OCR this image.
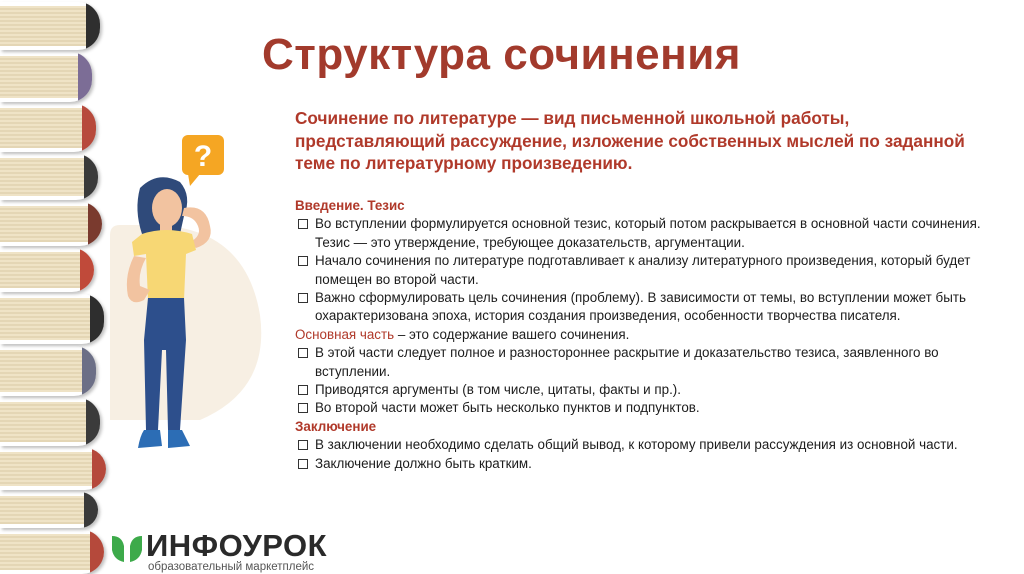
Структура сочинения

Сочинение по литературе — вид письменной школьной работы, представляющий рассуждение, изложение собственных мыслей по заданной теме по литературному произведению.

?
Введение. Тезис
Во вступлении формулируется основной тезис, который потом раскрывается в основной части сочинения. Тезис — это утверждение, требующее доказательств, аргументации.
Начало сочинения по литературе подготавливает к анализу литературного произведения, который будет помещен во второй части.
Важно сформулировать цель сочинения (проблему). В зависимости от темы, во вступлении может быть охарактеризована эпоха, история создания произведения, особенности творчества писателя.
Основная часть – это содержание вашего сочинения.
В этой части следует полное и разностороннее раскрытие и доказательство тезиса, заявленного во вступлении.
Приводятся аргументы (в том числе, цитаты, факты и пр.).
Во второй части может быть несколько пунктов и подпунктов.
Заключение
В заключении необходимо сделать общий вывод, к которому привели рассуждения из основной части.
Заключение должно быть кратким.
ИНФОУРОК
образовательный маркетплейс
